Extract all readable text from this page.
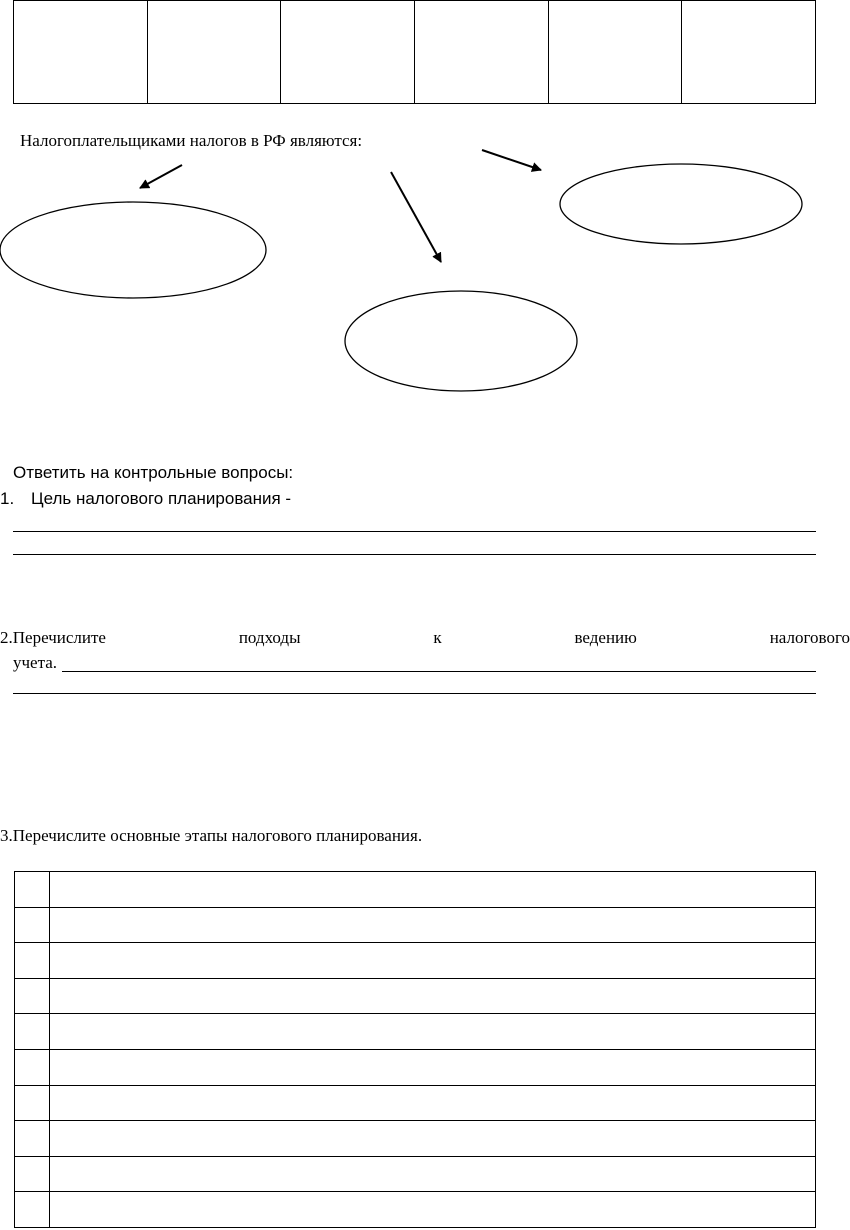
Налогоплательщиками налогов в РФ являются:
Ответить на контрольные вопросы:
1. Цель налогового планирования -
2.Перечислите	подходы	к	ведению	налогового
учета.
3.Перечислите основные этапы налогового планирования.
